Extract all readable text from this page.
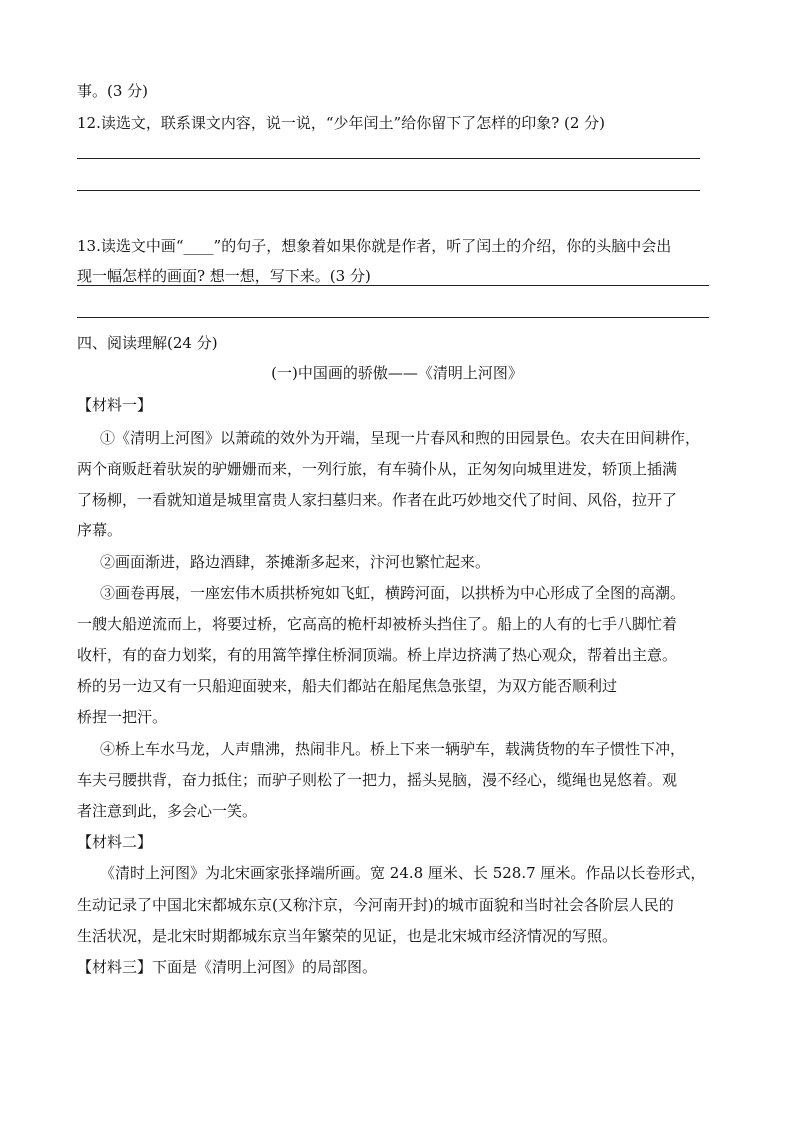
事。(3 分)
12.读选文，联系课文内容，说一说，“少年闰土”给你留下了怎样的印象? (2 分)
13.读选文中画“____”的句子，想象着如果你就是作者，听了闰土的介绍，你的头脑中会出
现一幅怎样的画面? 想一想，写下来。(3 分)
四、阅读理解(24 分)
(一)中国画的骄傲——《清明上河图》
【材料一】
①《清明上河图》以萧疏的效外为开端，呈现一片春风和煦的田园景色。农夫在田间耕作，
两个商贩赶着驮炭的驴姗姗而来，一列行旅，有车骑仆从，正匆匆向城里进发，轿顶上插满
了杨柳，一看就知道是城里富贵人家扫墓归来。作者在此巧妙地交代了时间、风俗，拉开了
序幕。
②画面渐进，路边酒肆，茶摊渐多起来，汴河也繁忙起来。
③画卷再展，一座宏伟木质拱桥宛如飞虹，横跨河面，以拱桥为中心形成了全图的高潮。
一艘大船逆流而上，将要过桥，它高高的桅杆却被桥头挡住了。船上的人有的七手八脚忙着
收杆，有的奋力划桨，有的用篙竿撑住桥洞顶端。桥上岸边挤满了热心观众，帮着出主意。
桥的另一边又有一只船迎面驶来，船夫们都站在船尾焦急张望，为双方能否顺利过
桥捏一把汗。
④桥上车水马龙，人声鼎沸，热闹非凡。桥上下来一辆驴车，载满货物的车子惯性下冲，
车夫弓腰拱背，奋力抵住；而驴子则松了一把力，摇头晃脑，漫不经心，缆绳也晃悠着。观
者注意到此，多会心一笑。
【材料二】
《清时上河图》为北宋画家张择端所画。宽 24.8 厘米、长 528.7 厘米。作品以长卷形式，
生动记录了中国北宋都城东京(又称汴京，今河南开封)的城市面貌和当时社会各阶层人民的
生活状况，是北宋时期都城东京当年繁荣的见证，也是北宋城市经济情况的写照。
【材料三】下面是《清明上河图》的局部图。
